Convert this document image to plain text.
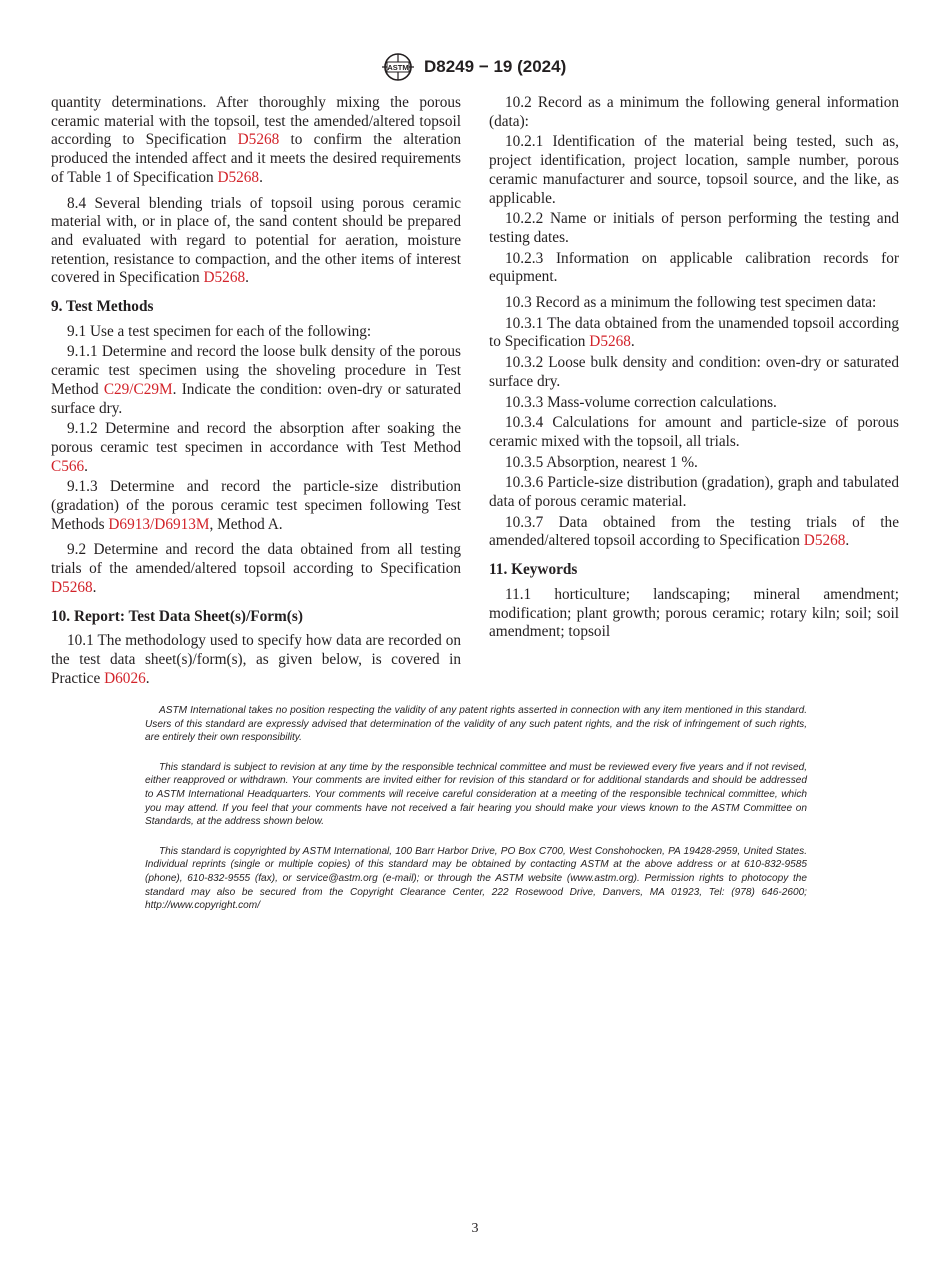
ASTM D8249 − 19 (2024)

quantity determinations. After thoroughly mixing the porous ceramic material with the topsoil, test the amended/altered topsoil according to Specification D5268 to confirm the alteration produced the intended affect and it meets the desired requirements of Table 1 of Specification D5268.

8.4 Several blending trials of topsoil using porous ceramic material with, or in place of, the sand content should be prepared and evaluated with regard to potential for aeration, moisture retention, resistance to compaction, and the other items of interest covered in Specification D5268.

9. Test Methods

9.1 Use a test specimen for each of the following:

9.1.1 Determine and record the loose bulk density of the porous ceramic test specimen using the shoveling procedure in Test Method C29/C29M. Indicate the condition: oven-dry or saturated surface dry.

9.1.2 Determine and record the absorption after soaking the porous ceramic test specimen in accordance with Test Method C566.

9.1.3 Determine and record the particle-size distribution (gradation) of the porous ceramic test specimen following Test Methods D6913/D6913M, Method A.

9.2 Determine and record the data obtained from all testing trials of the amended/altered topsoil according to Specification D5268.

10. Report: Test Data Sheet(s)/Form(s)

10.1 The methodology used to specify how data are recorded on the test data sheet(s)/form(s), as given below, is covered in Practice D6026.

10.2 Record as a minimum the following general information (data):

10.2.1 Identification of the material being tested, such as, project identification, project location, sample number, porous ceramic manufacturer and source, topsoil source, and the like, as applicable.

10.2.2 Name or initials of person performing the testing and testing dates.

10.2.3 Information on applicable calibration records for equipment.

10.3 Record as a minimum the following test specimen data:

10.3.1 The data obtained from the unamended topsoil according to Specification D5268.

10.3.2 Loose bulk density and condition: oven-dry or saturated surface dry.

10.3.3 Mass-volume correction calculations.

10.3.4 Calculations for amount and particle-size of porous ceramic mixed with the topsoil, all trials.

10.3.5 Absorption, nearest 1 %.

10.3.6 Particle-size distribution (gradation), graph and tabulated data of porous ceramic material.

10.3.7 Data obtained from the testing trials of the amended/altered topsoil according to Specification D5268.

11. Keywords

11.1 horticulture; landscaping; mineral amendment; modification; plant growth; porous ceramic; rotary kiln; soil; soil amendment; topsoil

ASTM International takes no position respecting the validity of any patent rights asserted in connection with any item mentioned in this standard. Users of this standard are expressly advised that determination of the validity of any such patent rights, and the risk of infringement of such rights, are entirely their own responsibility.

This standard is subject to revision at any time by the responsible technical committee and must be reviewed every five years and if not revised, either reapproved or withdrawn. Your comments are invited either for revision of this standard or for additional standards and should be addressed to ASTM International Headquarters. Your comments will receive careful consideration at a meeting of the responsible technical committee, which you may attend. If you feel that your comments have not received a fair hearing you should make your views known to the ASTM Committee on Standards, at the address shown below.

This standard is copyrighted by ASTM International, 100 Barr Harbor Drive, PO Box C700, West Conshohocken, PA 19428-2959, United States. Individual reprints (single or multiple copies) of this standard may be obtained by contacting ASTM at the above address or at 610-832-9585 (phone), 610-832-9555 (fax), or service@astm.org (e-mail); or through the ASTM website (www.astm.org). Permission rights to photocopy the standard may also be secured from the Copyright Clearance Center, 222 Rosewood Drive, Danvers, MA 01923, Tel: (978) 646-2600; http://www.copyright.com/

3
